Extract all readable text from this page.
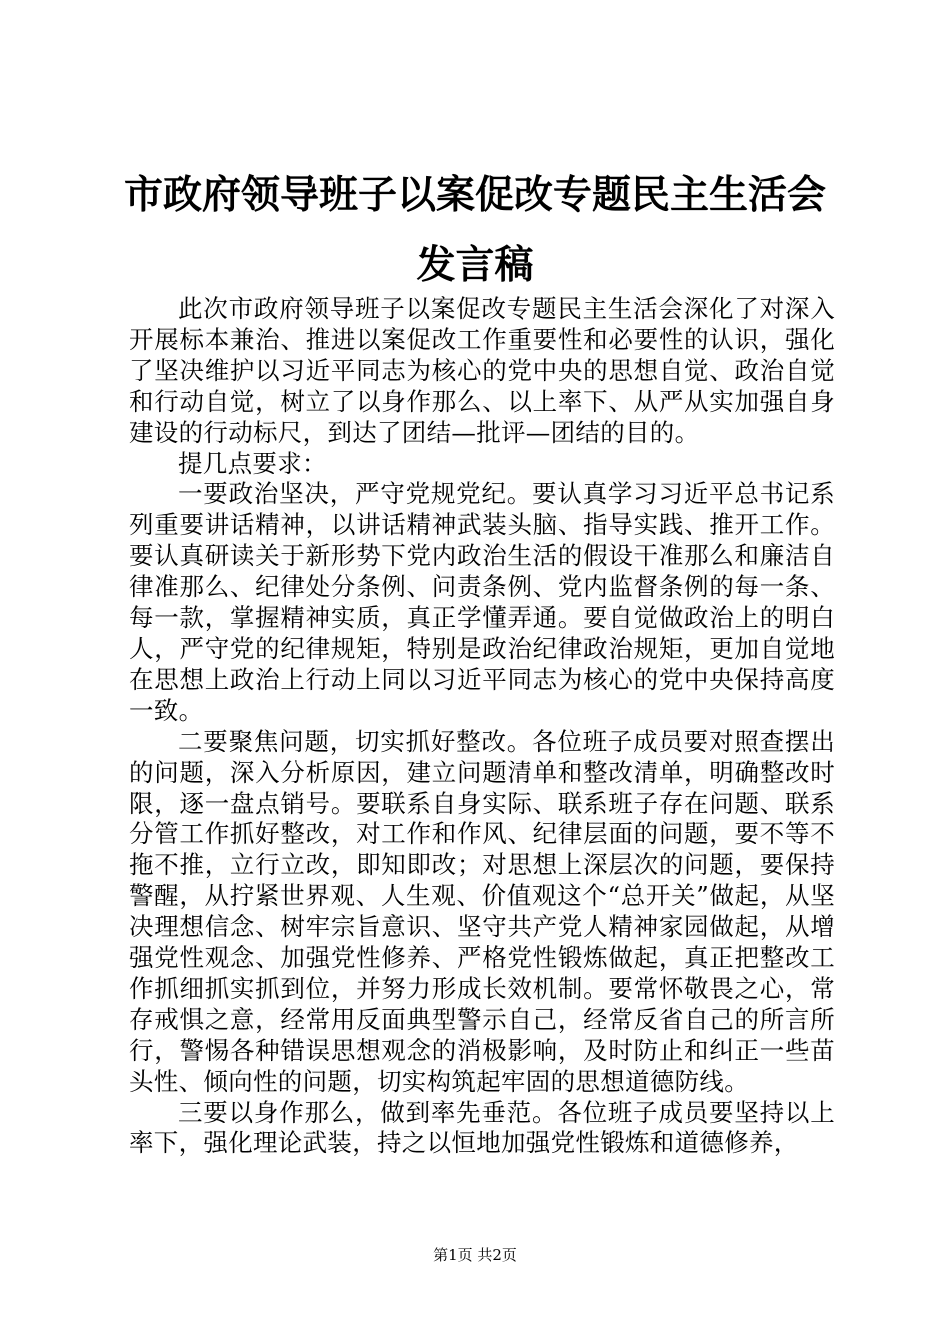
市政府领导班子以案促改专题民主生活会发言稿

此次市政府领导班子以案促改专题民主生活会深化了对深入开展标本兼治、推进以案促改工作重要性和必要性的认识，强化了坚决维护以习近平同志为核心的党中央的思想自觉、政治自觉和行动自觉，树立了以身作那么、以上率下、从严从实加强自身建设的行动标尺，到达了团结—批评—团结的目的。

提几点要求：

一要政治坚决，严守党规党纪。要认真学习习近平总书记系列重要讲话精神，以讲话精神武装头脑、指导实践、推开工作。要认真研读关于新形势下党内政治生活的假设干准那么和廉洁自律准那么、纪律处分条例、问责条例、党内监督条例的每一条、每一款，掌握精神实质，真正学懂弄通。要自觉做政治上的明白人，严守党的纪律规矩，特别是政治纪律政治规矩，更加自觉地在思想上政治上行动上同以习近平同志为核心的党中央保持高度一致。

二要聚焦问题，切实抓好整改。各位班子成员要对照查摆出的问题，深入分析原因，建立问题清单和整改清单，明确整改时限，逐一盘点销号。要联系自身实际、联系班子存在问题、联系分管工作抓好整改，对工作和作风、纪律层面的问题，要不等不拖不推，立行立改，即知即改；对思想上深层次的问题，要保持警醒，从拧紧世界观、人生观、价值观这个“总开关”做起，从坚决理想信念、树牢宗旨意识、坚守共产党人精神家园做起，从增强党性观念、加强党性修养、严格党性锻炼做起，真正把整改工作抓细抓实抓到位，并努力形成长效机制。要常怀敬畏之心，常存戒惧之意，经常用反面典型警示自己，经常反省自己的所言所行，警惕各种错误思想观念的消极影响，及时防止和纠正一些苗头性、倾向性的问题，切实构筑起牢固的思想道德防线。

三要以身作那么，做到率先垂范。各位班子成员要坚持以上率下，强化理论武装，持之以恒地加强党性锻炼和道德修养，

第1页 共2页
